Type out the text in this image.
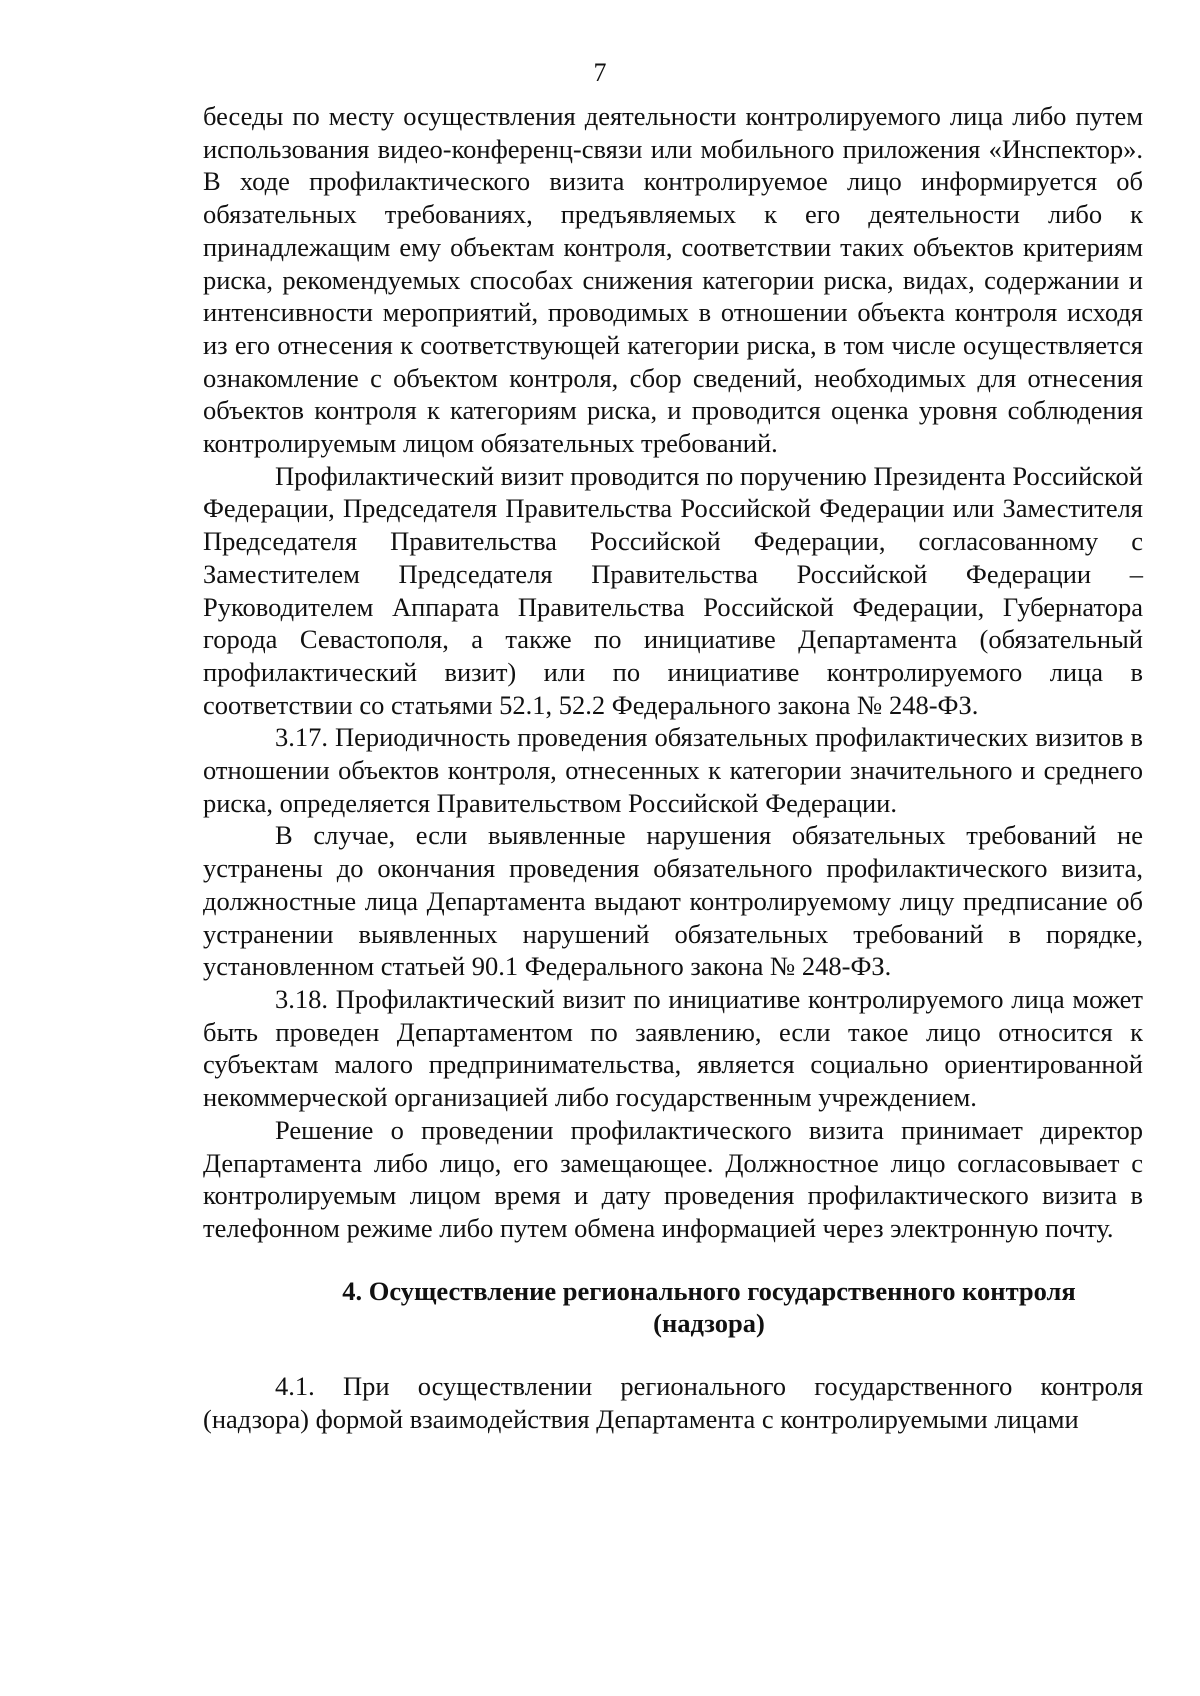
7

беседы по месту осуществления деятельности контролируемого лица либо путем использования видео-конференц-связи или мобильного приложения «Инспектор». В ходе профилактического визита контролируемое лицо информируется об обязательных требованиях, предъявляемых к его деятельности либо к принадлежащим ему объектам контроля, соответствии таких объектов критериям риска, рекомендуемых способах снижения категории риска, видах, содержании и интенсивности мероприятий, проводимых в отношении объекта контроля исходя из его отнесения к соответствующей категории риска, в том числе осуществляется ознакомление с объектом контроля, сбор сведений, необходимых для отнесения объектов контроля к категориям риска, и проводится оценка уровня соблюдения контролируемым лицом обязательных требований.

Профилактический визит проводится по поручению Президента Российской Федерации, Председателя Правительства Российской Федерации или Заместителя Председателя Правительства Российской Федерации, согласованному с Заместителем Председателя Правительства Российской Федерации – Руководителем Аппарата Правительства Российской Федерации, Губернатора города Севастополя, а также по инициативе Департамента (обязательный профилактический визит) или по инициативе контролируемого лица в соответствии со статьями 52.1, 52.2 Федерального закона № 248-ФЗ.

3.17. Периодичность проведения обязательных профилактических визитов в отношении объектов контроля, отнесенных к категории значительного и среднего риска, определяется Правительством Российской Федерации.

В случае, если выявленные нарушения обязательных требований не устранены до окончания проведения обязательного профилактического визита, должностные лица Департамента выдают контролируемому лицу предписание об устранении выявленных нарушений обязательных требований в порядке, установленном статьей 90.1 Федерального закона № 248-ФЗ.

3.18. Профилактический визит по инициативе контролируемого лица может быть проведен Департаментом по заявлению, если такое лицо относится к субъектам малого предпринимательства, является социально ориентированной некоммерческой организацией либо государственным учреждением.

Решение о проведении профилактического визита принимает директор Департамента либо лицо, его замещающее. Должностное лицо согласовывает с контролируемым лицом время и дату проведения профилактического визита в телефонном режиме либо путем обмена информацией через электронную почту.

4. Осуществление регионального государственного контроля
(надзора)

4.1. При осуществлении регионального государственного контроля (надзора) формой взаимодействия Департамента с контролируемыми лицами
